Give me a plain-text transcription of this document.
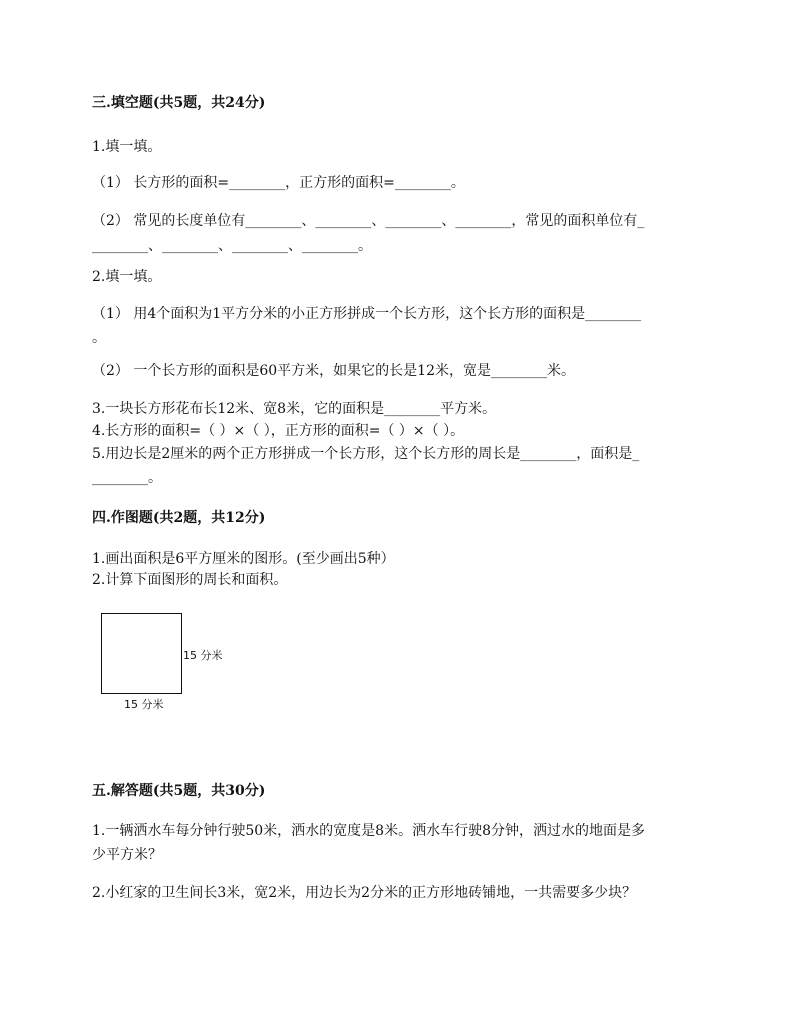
三.填空题(共5题，共24分)
1.填一填。
（1） 长方形的面积=________，正方形的面积=________。
（2） 常见的长度单位有________、________、________、________，常见的面积单位有_
________、________、________、________。
2.填一填。
（1） 用4个面积为1平方分米的小正方形拼成一个长方形，这个长方形的面积是________
。
（2） 一个长方形的面积是60平方米，如果它的长是12米，宽是________米。
3.一块长方形花布长12米、宽8米，它的面积是________平方米。
4.长方形的面积=（ ）×（ ），正方形的面积=（ ）×（ ）。
5.用边长是2厘米的两个正方形拼成一个长方形，这个长方形的周长是________，面积是_
________。
四.作图题(共2题，共12分)
1.画出面积是6平方厘米的图形。(至少画出5种）
2.计算下面图形的周长和面积。
15 分米
15 分米
五.解答题(共5题，共30分)
1.一辆洒水车每分钟行驶50米，洒水的宽度是8米。洒水车行驶8分钟，洒过水的地面是多
少平方米？
2.小红家的卫生间长3米，宽2米，用边长为2分米的正方形地砖铺地，一共需要多少块？
